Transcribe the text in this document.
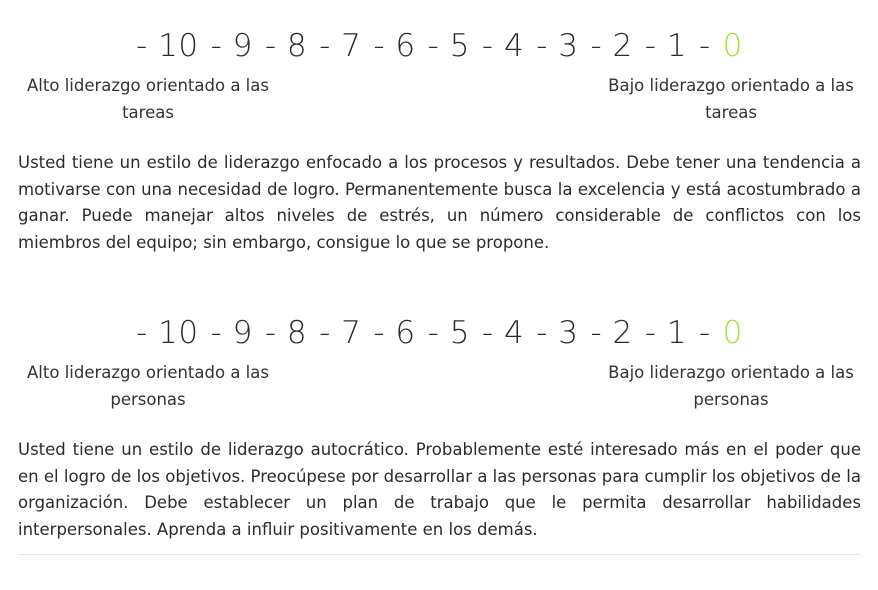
- 10 - 9 - 8 - 7 - 6 - 5 - 4 - 3 - 2 - 1 -0
Alto liderazgo orientado a las tareas
Bajo liderazgo orientado a las tareas

Usted tiene un estilo de liderazgo enfocado a los procesos y resultados. Debe tener una tendencia a motivarse con una necesidad de logro. Permanentemente busca la excelencia y está acostumbrado a ganar. Puede manejar altos niveles de estrés, un número considerable de conflictos con los miembros del equipo; sin embargo, consigue lo que se propone.

- 10 - 9 - 8 - 7 - 6 - 5 - 4 - 3 - 2 - 1 -0
Alto liderazgo orientado a las personas
Bajo liderazgo orientado a las personas

Usted tiene un estilo de liderazgo autocrático. Probablemente esté interesado más en el poder que en el logro de los objetivos. Preocúpese por desarrollar a las personas para cumplir los objetivos de la organización. Debe establecer un plan de trabajo que le permita desarrollar habilidades interpersonales. Aprenda a influir positivamente en los demás.
